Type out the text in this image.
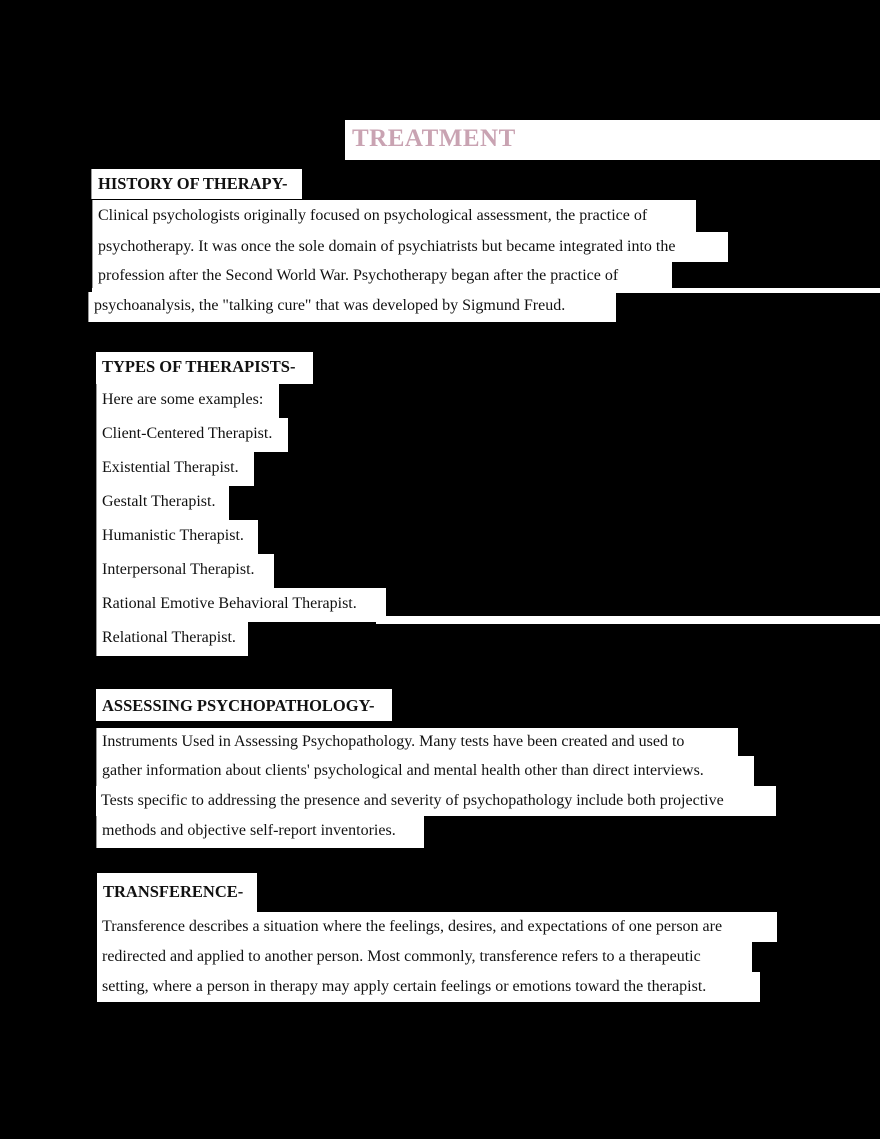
TREATMENT
HISTORY OF THERAPY-
Clinical psychologists originally focused on psychological assessment, the practice of
psychotherapy. It was once the sole domain of psychiatrists but became integrated into the
profession after the Second World War. Psychotherapy began after the practice of
psychoanalysis, the "talking cure" that was developed by Sigmund Freud.
TYPES OF THERAPISTS-
Here are some examples:
Client-Centered Therapist.
Existential Therapist.
Gestalt Therapist.
Humanistic Therapist.
Interpersonal Therapist.
Rational Emotive Behavioral Therapist.
Relational Therapist.
ASSESSING PSYCHOPATHOLOGY-
Instruments Used in Assessing Psychopathology. Many tests have been created and used to
gather information about clients' psychological and mental health other than direct interviews.
Tests specific to addressing the presence and severity of psychopathology include both projective
methods and objective self-report inventories.
TRANSFERENCE-
Transference describes a situation where the feelings, desires, and expectations of one person are
redirected and applied to another person. Most commonly, transference refers to a therapeutic
setting, where a person in therapy may apply certain feelings or emotions toward the therapist.
